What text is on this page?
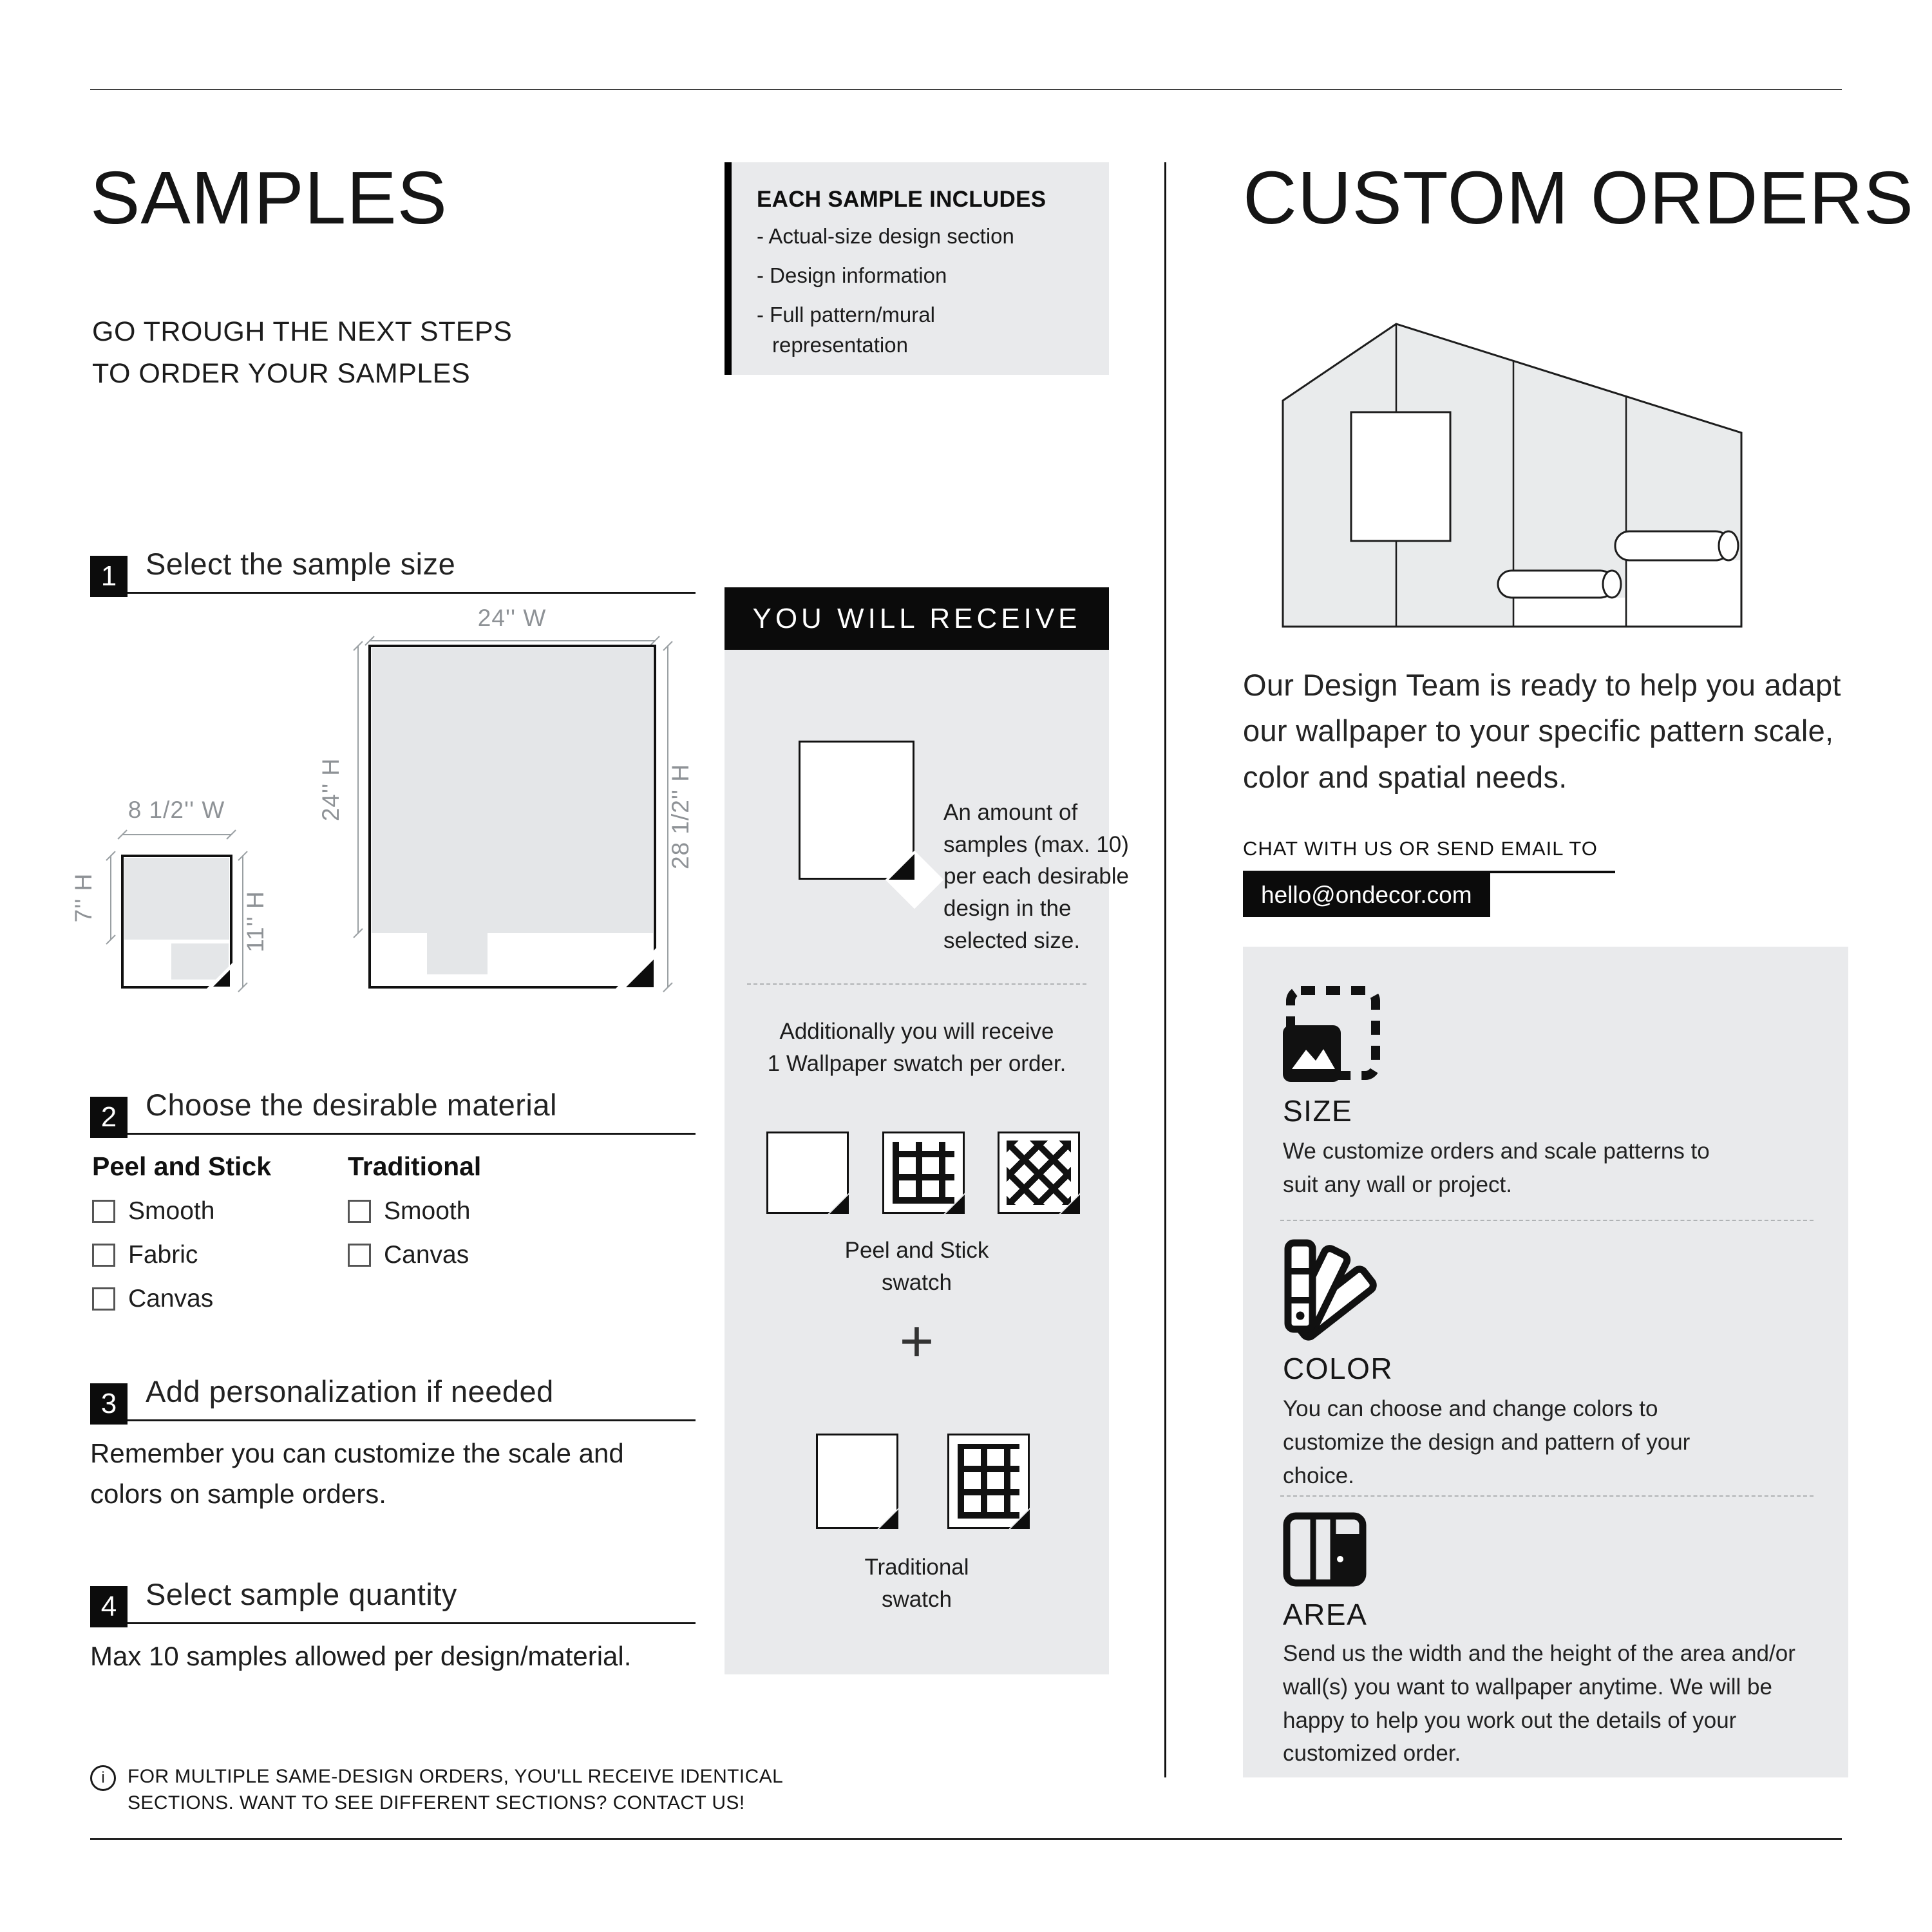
SAMPLES
GO TROUGH THE NEXT STEPS
TO ORDER YOUR SAMPLES
1 Select the sample size
24'' W
24'' H	28 1/2'' H
8 1/2'' W
7'' H	11'' H
2 Choose the desirable material
Peel and Stick
Smooth
Fabric
Canvas
Traditional
Smooth
Canvas
3 Add personalization if needed
Remember you can customize the scale and colors on sample orders.
4 Select sample quantity
Max 10 samples allowed per design/material.
i	FOR MULTIPLE SAME-DESIGN ORDERS, YOU'LL RECEIVE IDENTICAL
SECTIONS. WANT TO SEE DIFFERENT SECTIONS? CONTACT US!
EACH SAMPLE INCLUDES
- Actual-size design section
- Design information
- Full pattern/mural representation
YOU WILL RECEIVE
An amount of samples (max. 10) per each desirable design in the selected size.
Additionally you will receive
1 Wallpaper swatch per order.
Peel and Stick
swatch
+
Traditional
swatch
CUSTOM ORDERS
Our Design Team is ready to help you adapt our wallpaper to your specific pattern scale, color and spatial needs.
CHAT WITH US OR SEND EMAIL TO
hello@ondecor.com
SIZE
We customize orders and scale patterns to suit any wall or project.
COLOR
You can choose and change colors to customize the design and pattern of your choice.
AREA
Send us the width and the height of the area and/or wall(s) you want to wallpaper anytime. We will be happy to help you work out the details of your customized order.
